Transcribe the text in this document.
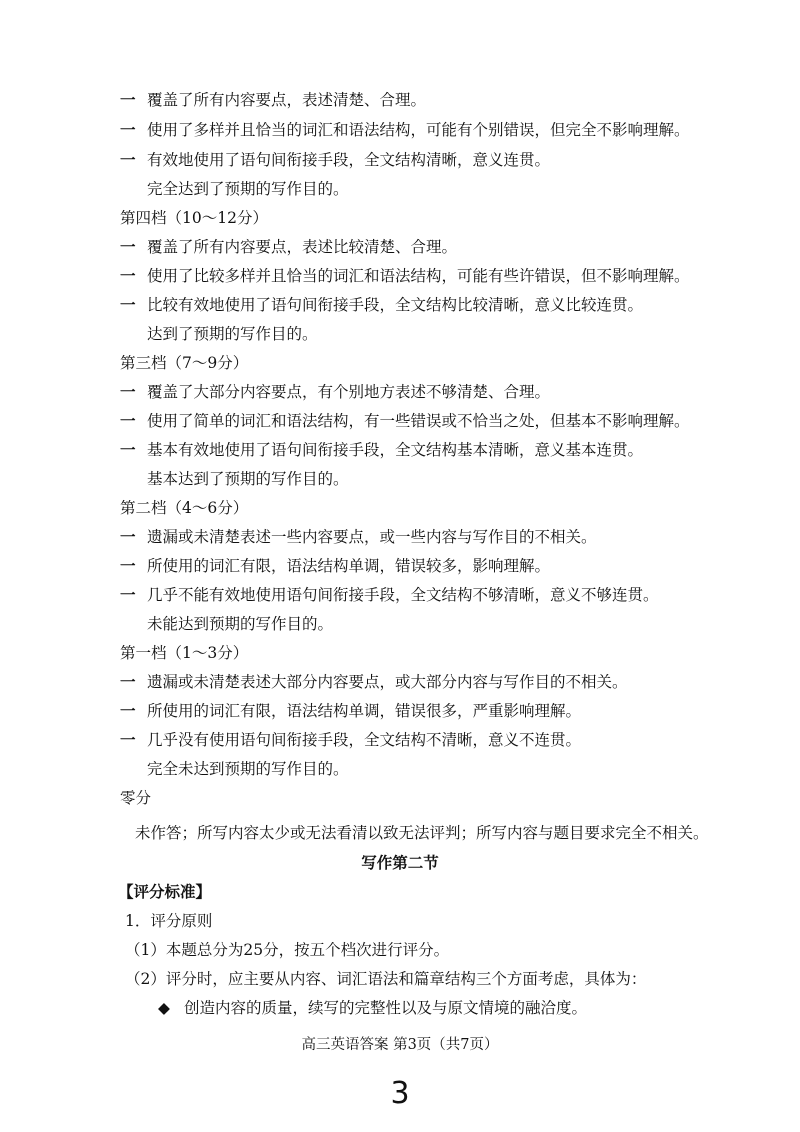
一 覆盖了所有内容要点，表述清楚、合理。
一 使用了多样并且恰当的词汇和语法结构，可能有个别错误，但完全不影响理解。
一 有效地使用了语句间衔接手段，全文结构清晰，意义连贯。
完全达到了预期的写作目的。
第四档（10～12分）
一 覆盖了所有内容要点，表述比较清楚、合理。
一 使用了比较多样并且恰当的词汇和语法结构，可能有些许错误，但不影响理解。
一 比较有效地使用了语句间衔接手段，全文结构比较清晰，意义比较连贯。
达到了预期的写作目的。
第三档（7～9分）
一 覆盖了大部分内容要点，有个别地方表述不够清楚、合理。
一 使用了简单的词汇和语法结构，有一些错误或不恰当之处，但基本不影响理解。
一 基本有效地使用了语句间衔接手段，全文结构基本清晰，意义基本连贯。
基本达到了预期的写作目的。
第二档（4～6分）
一 遗漏或未清楚表述一些内容要点，或一些内容与写作目的不相关。
一 所使用的词汇有限，语法结构单调，错误较多，影响理解。
一 几乎不能有效地使用语句间衔接手段，全文结构不够清晰，意义不够连贯。
未能达到预期的写作目的。
第一档（1～3分）
一 遗漏或未清楚表述大部分内容要点，或大部分内容与写作目的不相关。
一 所使用的词汇有限，语法结构单调，错误很多，严重影响理解。
一 几乎没有使用语句间衔接手段，全文结构不清晰，意义不连贯。
完全未达到预期的写作目的。
零分
未作答；所写内容太少或无法看清以致无法评判；所写内容与题目要求完全不相关。
写作第二节
【评分标准】
1．评分原则
（1）本题总分为25分，按五个档次进行评分。
（2）评分时，应主要从内容、词汇语法和篇章结构三个方面考虑，具体为：
◆ 创造内容的质量，续写的完整性以及与原文情境的融洽度。
高三英语答案 第3页（共7页）
3
